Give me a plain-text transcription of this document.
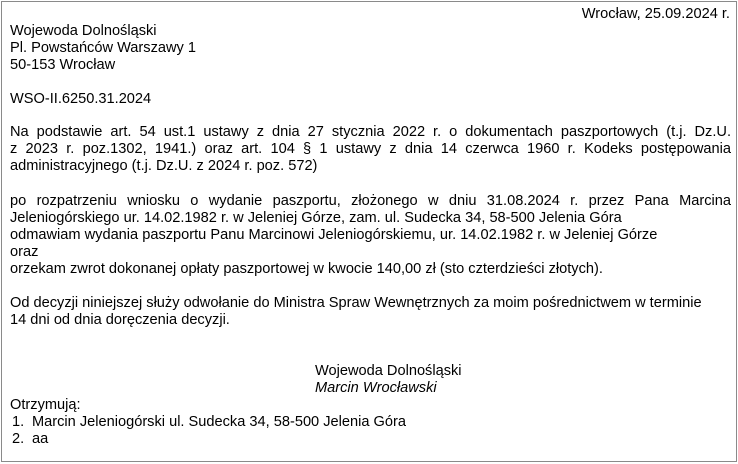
Wrocław, 25.09.2024 r.
Wojewoda Dolnośląski
Pl. Powstańców Warszawy 1
50-153 Wrocław
WSO-II.6250.31.2024
Na podstawie art. 54 ust.1 ustawy z dnia 27 stycznia 2022 r. o dokumentach paszportowych (t.j. Dz.U.
z 2023 r. poz.1302, 1941.) oraz art. 104 § 1 ustawy z dnia 14 czerwca 1960 r. Kodeks postępowania
administracyjnego (t.j. Dz.U. z 2024 r. poz. 572)
po rozpatrzeniu wniosku o wydanie paszportu, złożonego w dniu 31.08.2024 r. przez Pana Marcina
Jeleniogórskiego ur. 14.02.1982 r. w Jeleniej Górze, zam. ul. Sudecka 34, 58-500 Jelenia Góra
odmawiam wydania paszportu Panu Marcinowi Jeleniogórskiemu, ur. 14.02.1982 r. w Jeleniej Górze
oraz
orzekam zwrot dokonanej opłaty paszportowej w kwocie 140,00 zł (sto czterdzieści złotych).
Od decyzji niniejszej służy odwołanie do Ministra Spraw Wewnętrznych za moim pośrednictwem w terminie
14 dni od dnia doręczenia decyzji.
Wojewoda Dolnośląski
Marcin Wrocławski
Otrzymują:
1. Marcin Jeleniogórski ul. Sudecka 34, 58-500 Jelenia Góra
2. aa
